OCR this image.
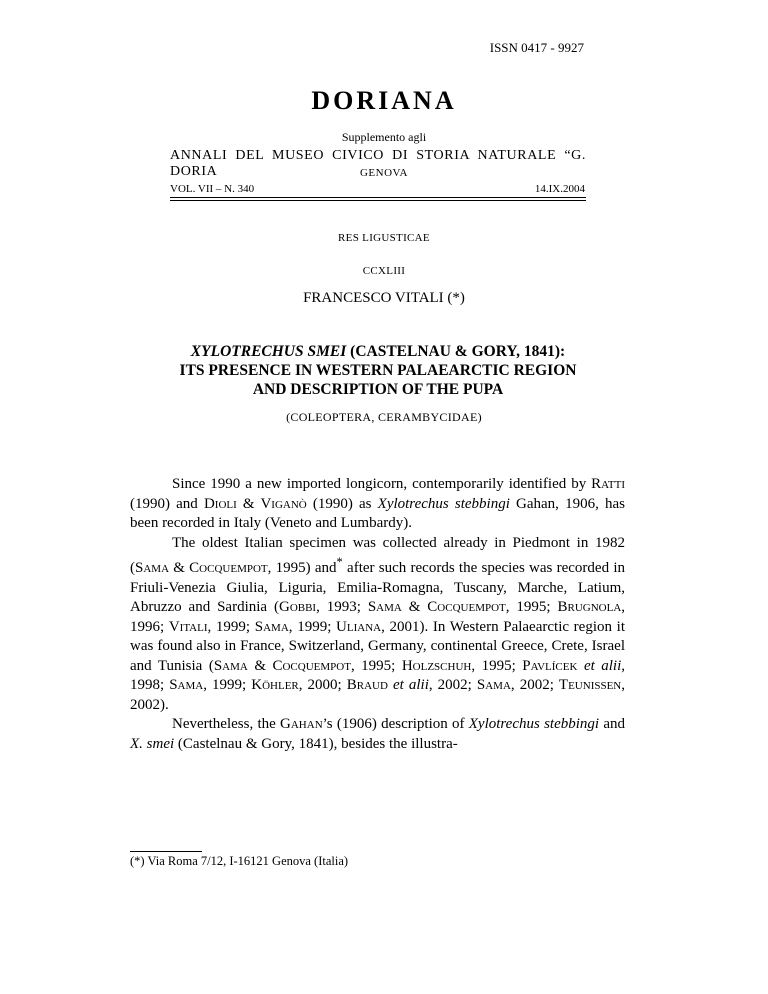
ISSN 0417 - 9927
DORIANA
Supplemento agli
ANNALI DEL MUSEO CIVICO DI STORIA NATURALE “G. DORIA	GENOVA
VOL. VII – N. 340	14.IX.2004
RES LIGUSTICAE
CCXLIII
FRANCESCO VITALI (*)
XYLOTRECHUS SMEI (CASTELNAU & GORY, 1841):
ITS PRESENCE IN WESTERN PALAEARCTIC REGION
AND DESCRIPTION OF THE PUPA
(COLEOPTERA, CERAMBYCIDAE)

Since 1990 a new imported longicorn, contemporarily identified by Ratti (1990) and Dioli & Viganò (1990) as Xylotrechus stebbingi Gahan, 1906, has been recorded in Italy (Veneto and Lumbardy).

The oldest Italian specimen was collected already in Piedmont in 1982 (Sama & Cocquempot, 1995) and* after such records the species was recorded in Friuli-Venezia Giulia, Liguria, Emilia-Romagna, Tuscany, Marche, Latium, Abruzzo and Sardinia (Gobbi, 1993; Sama & Cocquempot, 1995; Brugnola, 1996; Vitali, 1999; Sama, 1999; Uliana, 2001). In Western Palaearctic region it was found also in France, Switzerland, Germany, continental Greece, Crete, Israel and Tunisia (Sama & Cocquempot, 1995; Holzschuh, 1995; Pavlícek et alii, 1998; Sama, 1999; Köhler, 2000; Braud et alii, 2002; Sama, 2002; Teunissen, 2002).

Nevertheless, the Gahan’s (1906) description of Xylotrechus stebbingi and X. smei (Castelnau & Gory, 1841), besides the illustra-

(*) Via Roma 7/12, I-16121 Genova (Italia)
